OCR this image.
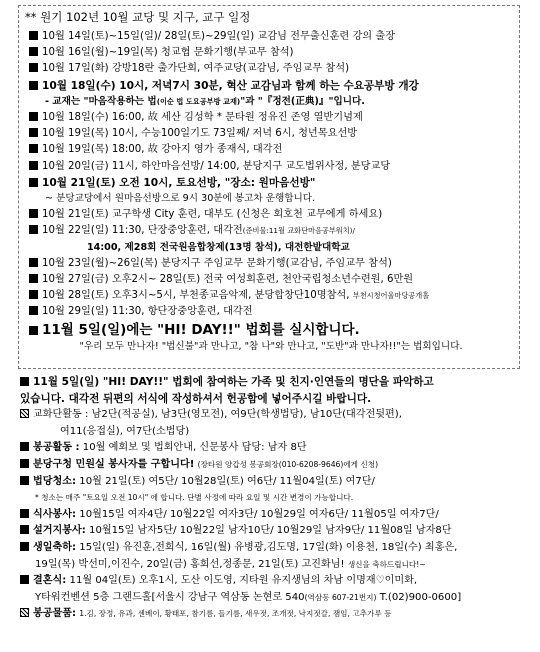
** 원기 102년 10월 교당 및 지구, 교구 일정
10월 14일(토)~15일(일)/ 28일(토)~29일(일) 교감님 전무출신훈련 강의 출장
10월 16일(월)~19일(목) 청교협 문화기행(부교무 참석)
10월 17일(화) 강방18란 출가단회, 여주교당(교감님, 주임교무 참석)
10월 18일(수) 10시, 저녁7시 30분, 혁산 교감님과 함께 하는 수요공부방 개강
- 교재는 "마음작용하는 법(이순 법 도요공부방 교재)"과 "『정전(正典)』"입니다.
10월 18일(수) 16:00, 故 세산 김성학 * 문타원 정유진 존영 열반기념제
10월 19일(목) 10시, 수능100일기도 73일째/ 저녁 6시, 청년목요선방
10월 19일(목) 18:00, 故 강아지 영가 종재식, 대각전
10월 20일(금) 11시, 하안마음선방/ 14:00, 분당지구 교도법위사정, 분당교당
10월 21일(토) 오전 10시, 토요선방, "장소: 원마음선방"
~ 분당교당에서 원마음선방으로 9시 30분에 봉고차 운행합니다.
10월 21일(토) 교구학생 City 훈련, 대부도 (신청은 회호천 교무에게 하세요)
10월 22일(일) 11:30, 단장중앙훈련, 대각전(준비물:11월 교화단마음공부워치)/
14:00, 제28회 전국원음합창제(13명 참석), 대전한밭대학교
10월 23일(월)~26일(목) 분당지구 주임교무 문화기행(교감님, 주임교무 참석)
10월 27일(금) 오후2시~ 28일(토) 전국 여성회훈련, 천안국립청소년수련원, 6만원
10월 28일(토) 오후3시~5시, 부천종교음악제, 분당합창단10명참석, 부천시청어울마당공개홀
10월 29일(일) 11:30, 항단장중앙훈련, 대각전
11월 5일(일)에는 "HI! DAY!!" 법회를 실시합니다.
"우리 모두 만나자! "법신불"과 만나고, "참 나"와 만나고, "도반"과 만나자!!"는 법회입니다.
11월 5일(일) "HI! DAY!!" 법회에 참여하는 가족 및 친지·인연들의 명단을 파악하고
있습니다. 대각전 뒤편의 서식에 작성하셔서 헌공함에 넣어주시길 바랍니다.
교화단활동 : 남2단(적공실), 남3단(영모전), 여9단(학생법당), 남10단(대각전뒷편),
여11(응접실), 여7단(소법당)
봉공활동 : 10월 예회보 및 법회안내, 신문봉사 담당: 남자 8단
분당구청 민원실 봉사자를 구합니다! (장타원 양갑성 봉공회장(010-6208-9646)에게 신청)
법당청소: 10월 21일(토) 여5단/ 10월28일(토) 여6단/ 11월04일(토) 여7단/
* 청소는 매주 "토요일 오전 10시" 에 합니다. 단별 사정에 따라 요일 및 시간 변경이 가능합니다.
식사봉사: 10월15일 여자4단/ 10월22일 여자3단/ 10월29일 여자6단/ 11월05일 여자7단/
설거지봉사: 10월15일 남자5단/ 10월22일 남자10단/ 10월29일 남자9단/ 11월08일 남자8단
생일축하: 15일(일) 유진훈,전희식, 16일(월) 유병광,김도명, 17일(화) 이용천, 18일(수) 최홍은,
19일(목) 박선미,이진수, 20일(금) 홍희선,정종문, 21일(토) 고진화님! 생신을 축하드립니다!~
결혼식: 11월 04일(토) 오후1시, 도산 이도영, 지타원 유지생님의 차남 이명재♡이미화,
Y타워컨벤션 5층 그랜드홀[서울시 강남구 역삼동 논현로 540(역삼동 607-21번지) T.(02)900-0600]
봉공물품: 1.김, 장정, 유과, 센베이, 황태포, 참기름, 들기름, 새우젓, 조개젓, 낙지젓갈, 잼임, 고추가루 등
